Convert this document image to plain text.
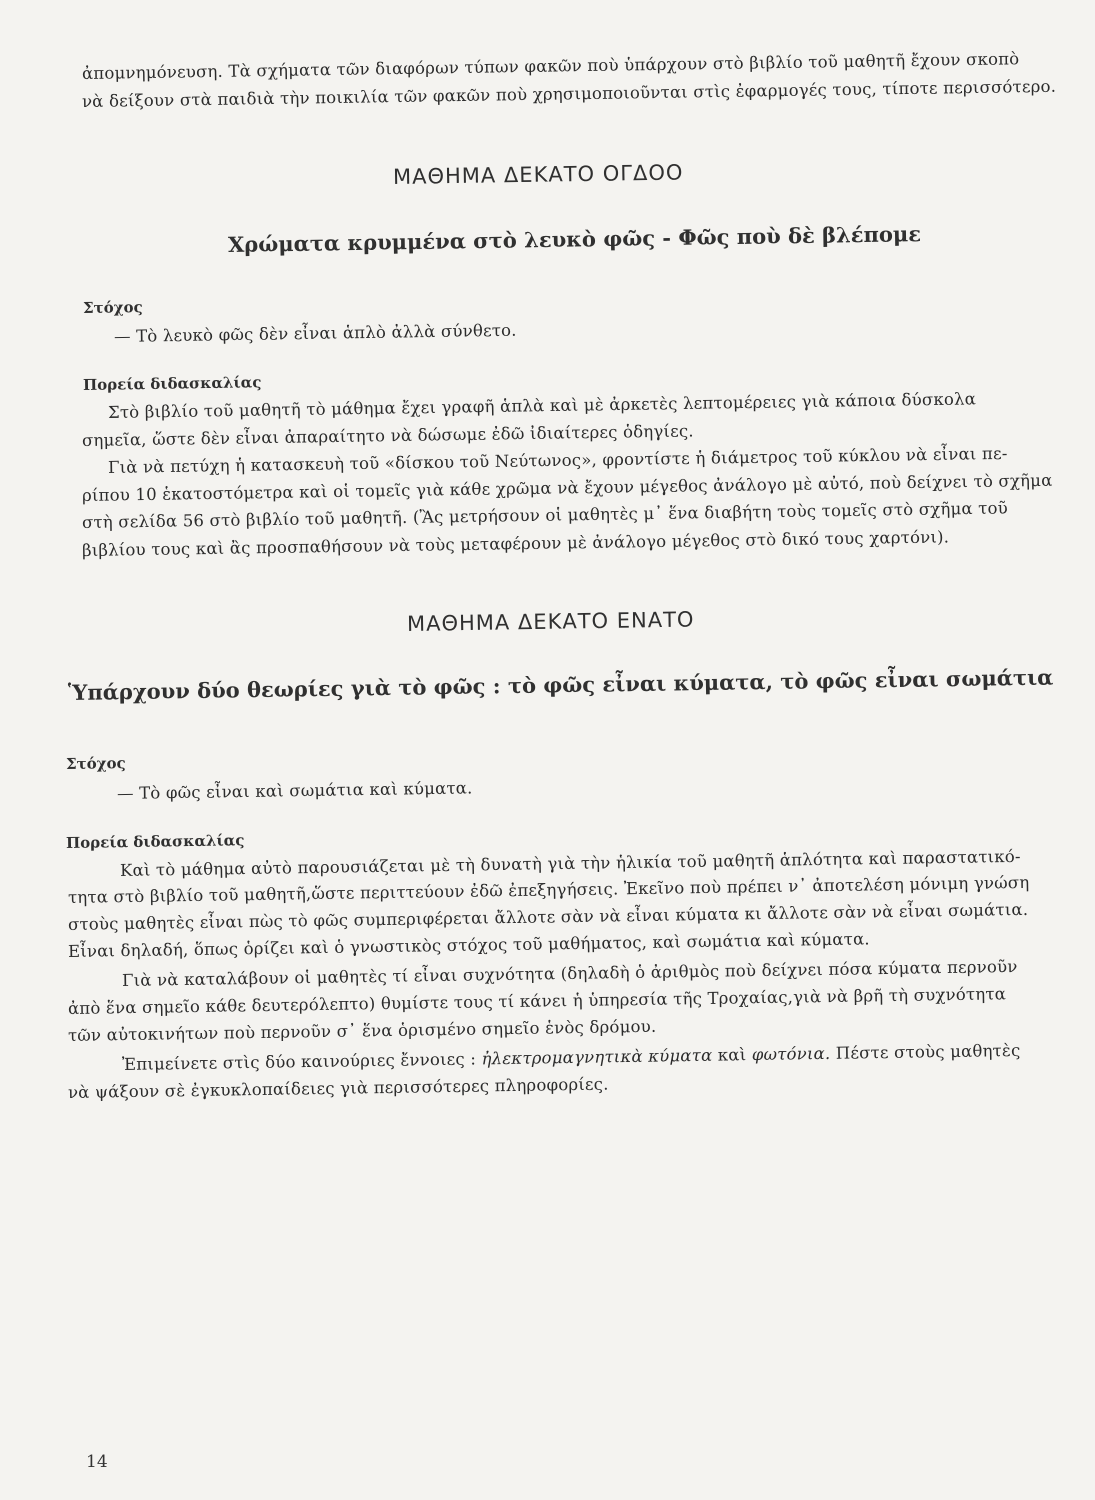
ἀπομνημόνευση. Τὰ σχήματα τῶν διαφόρων τύπων φακῶν ποὺ ὑπάρχουν στὸ βιβλίο τοῦ μαθητῆ ἔχουν σκοπὸ
νὰ δείξουν στὰ παιδιὰ τὴν ποικιλία τῶν φακῶν ποὺ χρησιμοποιοῦνται στὶς ἐφαρμογές τους, τίποτε περισσότερο.
ΜΑΘΗΜΑ ΔΕΚΑΤΟ ΟΓΔΟΟ
Χρώματα κρυμμένα στὸ λευκὸ φῶς - Φῶς ποὺ δὲ βλέπομε
Στόχος
— Τὸ λευκὸ φῶς δὲν εἶναι ἁπλὸ ἀλλὰ σύνθετο.
Πορεία διδασκαλίας
Στὸ βιβλίο τοῦ μαθητῆ τὸ μάθημα ἔχει γραφῆ ἁπλὰ καὶ μὲ ἀρκετὲς λεπτομέρειες γιὰ κάποια δύσκολα
σημεῖα, ὥστε δὲν εἶναι ἀπαραίτητο νὰ δώσωμε ἐδῶ ἰδιαίτερες ὁδηγίες.
Γιὰ νὰ πετύχη ἡ κατασκευὴ τοῦ «δίσκου τοῦ Νεύτωνος», φροντίστε ἡ διάμετρος τοῦ κύκλου νὰ εἶναι πε-
ρίπου 10 ἑκατοστόμετρα καὶ οἱ τομεῖς γιὰ κάθε χρῶμα νὰ ἔχουν μέγεθος ἀνάλογο μὲ αὐτό, ποὺ δείχνει τὸ σχῆμα
στὴ σελίδα 56 στὸ βιβλίο τοῦ μαθητῆ. (Ἂς μετρήσουν οἱ μαθητὲς μ᾿ ἕνα διαβήτη τοὺς τομεῖς στὸ σχῆμα τοῦ
βιβλίου τους καὶ ἂς προσπαθήσουν νὰ τοὺς μεταφέρουν μὲ ἀνάλογο μέγεθος στὸ δικό τους χαρτόνι).
ΜΑΘΗΜΑ ΔΕΚΑΤΟ ΕΝΑΤΟ
Ὑπάρχουν δύο θεωρίες γιὰ τὸ φῶς : τὸ φῶς εἶναι κύματα, τὸ φῶς εἶναι σωμάτια
Στόχος
— Τὸ φῶς εἶναι καὶ σωμάτια καὶ κύματα.
Πορεία διδασκαλίας
Καὶ τὸ μάθημα αὐτὸ παρουσιάζεται μὲ τὴ δυνατὴ γιὰ τὴν ἡλικία τοῦ μαθητῆ ἁπλότητα καὶ παραστατικό-
τητα στὸ βιβλίο τοῦ μαθητῆ,ὥστε περιττεύουν ἐδῶ ἐπεξηγήσεις. Ἐκεῖνο ποὺ πρέπει ν᾿ ἀποτελέση μόνιμη γνώση
στοὺς μαθητὲς εἶναι πὼς τὸ φῶς συμπεριφέρεται ἄλλοτε σὰν νὰ εἶναι κύματα κι ἄλλοτε σὰν νὰ εἶναι σωμάτια.
Εἶναι δηλαδή, ὅπως ὁρίζει καὶ ὁ γνωστικὸς στόχος τοῦ μαθήματος, καὶ σωμάτια καὶ κύματα.
Γιὰ νὰ καταλάβουν οἱ μαθητὲς τί εἶναι συχνότητα (δηλαδὴ ὁ ἀριθμὸς ποὺ δείχνει πόσα κύματα περνοῦν
ἀπὸ ἕνα σημεῖο κάθε δευτερόλεπτο) θυμίστε τους τί κάνει ἡ ὑπηρεσία τῆς Τροχαίας,γιὰ νὰ βρῆ τὴ συχνότητα
τῶν αὐτοκινήτων ποὺ περνοῦν σ᾿ ἕνα ὁρισμένο σημεῖο ἑνὸς δρόμου.
Ἐπιμείνετε στὶς δύο καινούριες ἔννοιες : ἠλεκτρομαγνητικὰ κύματα καὶ φωτόνια. Πέστε στοὺς μαθητὲς
νὰ ψάξουν σὲ ἐγκυκλοπαίδειες γιὰ περισσότερες πληροφορίες.
14
